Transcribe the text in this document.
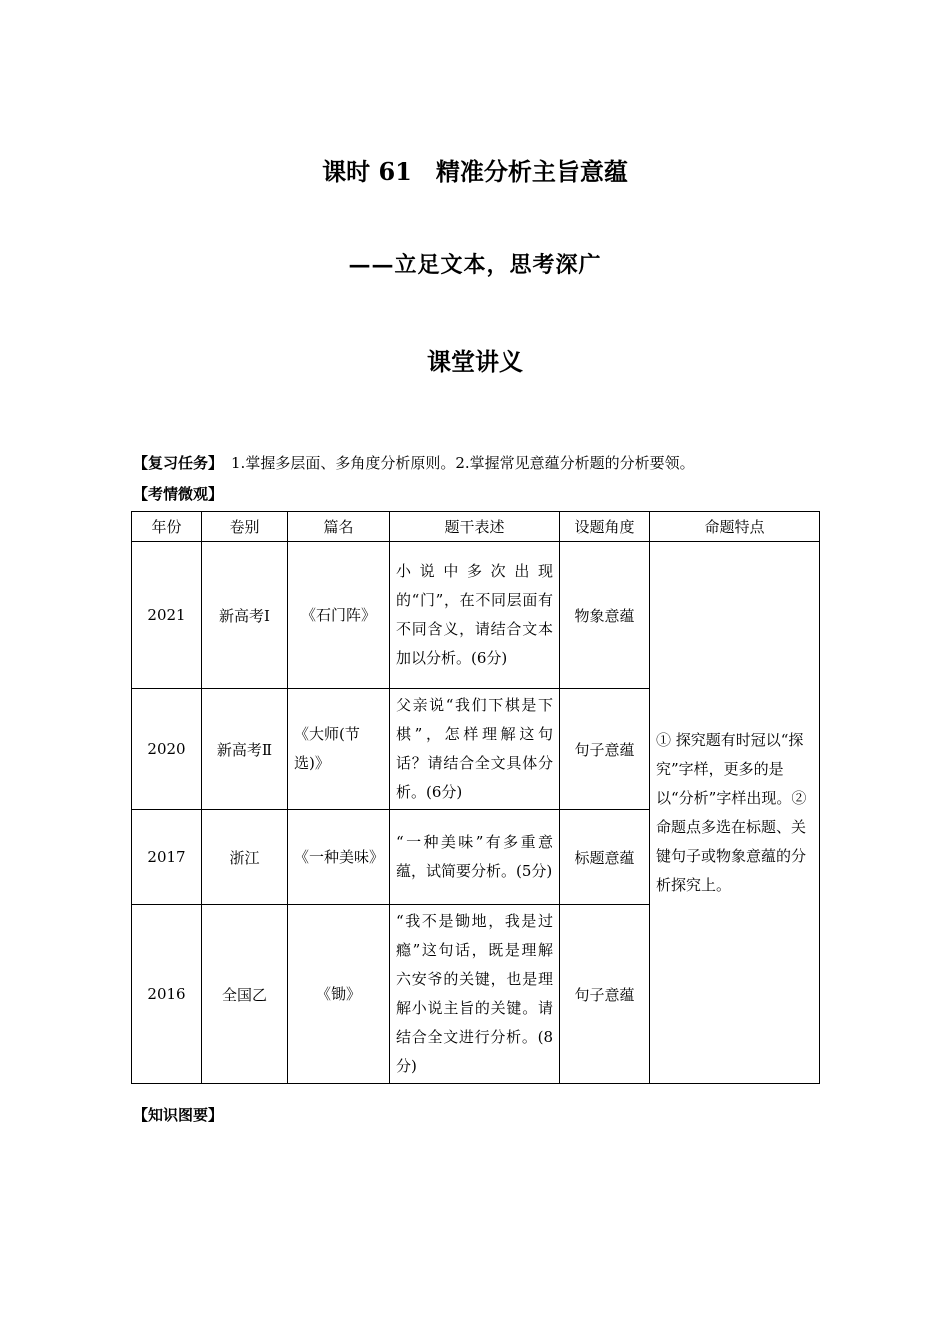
课时 61　精准分析主旨意蕴
——立足文本，思考深广
课堂讲义
【复习任务】 1.掌握多层面、多角度分析原则。2.掌握常见意蕴分析题的分析要领。
【考情微观】
年份	卷别	篇名	题干表述	设题角度	命题特点
2021	新高考Ⅰ	《石门阵》	小说中多次出现的“门”，在不同层面有不同含义，请结合文本加以分析。(6分)	物象意蕴	① 探究题有时冠以“探究”字样，更多的是以“分析”字样出现。② 命题点多选在标题、关键句子或物象意蕴的分析探究上。
2020	新高考Ⅱ	《大师(节选)》	父亲说“我们下棋是下棋”，怎样理解这句话？请结合全文具体分析。(6分)	句子意蕴	
2017	浙江	《一种美味》	“一种美味”有多重意蕴，试简要分析。(5分)	标题意蕴	
2016	全国乙	《锄》	“我不是锄地，我是过瘾”这句话，既是理解六安爷的关键，也是理解小说主旨的关键。请结合全文进行分析。(8分)	句子意蕴	
【知识图要】
